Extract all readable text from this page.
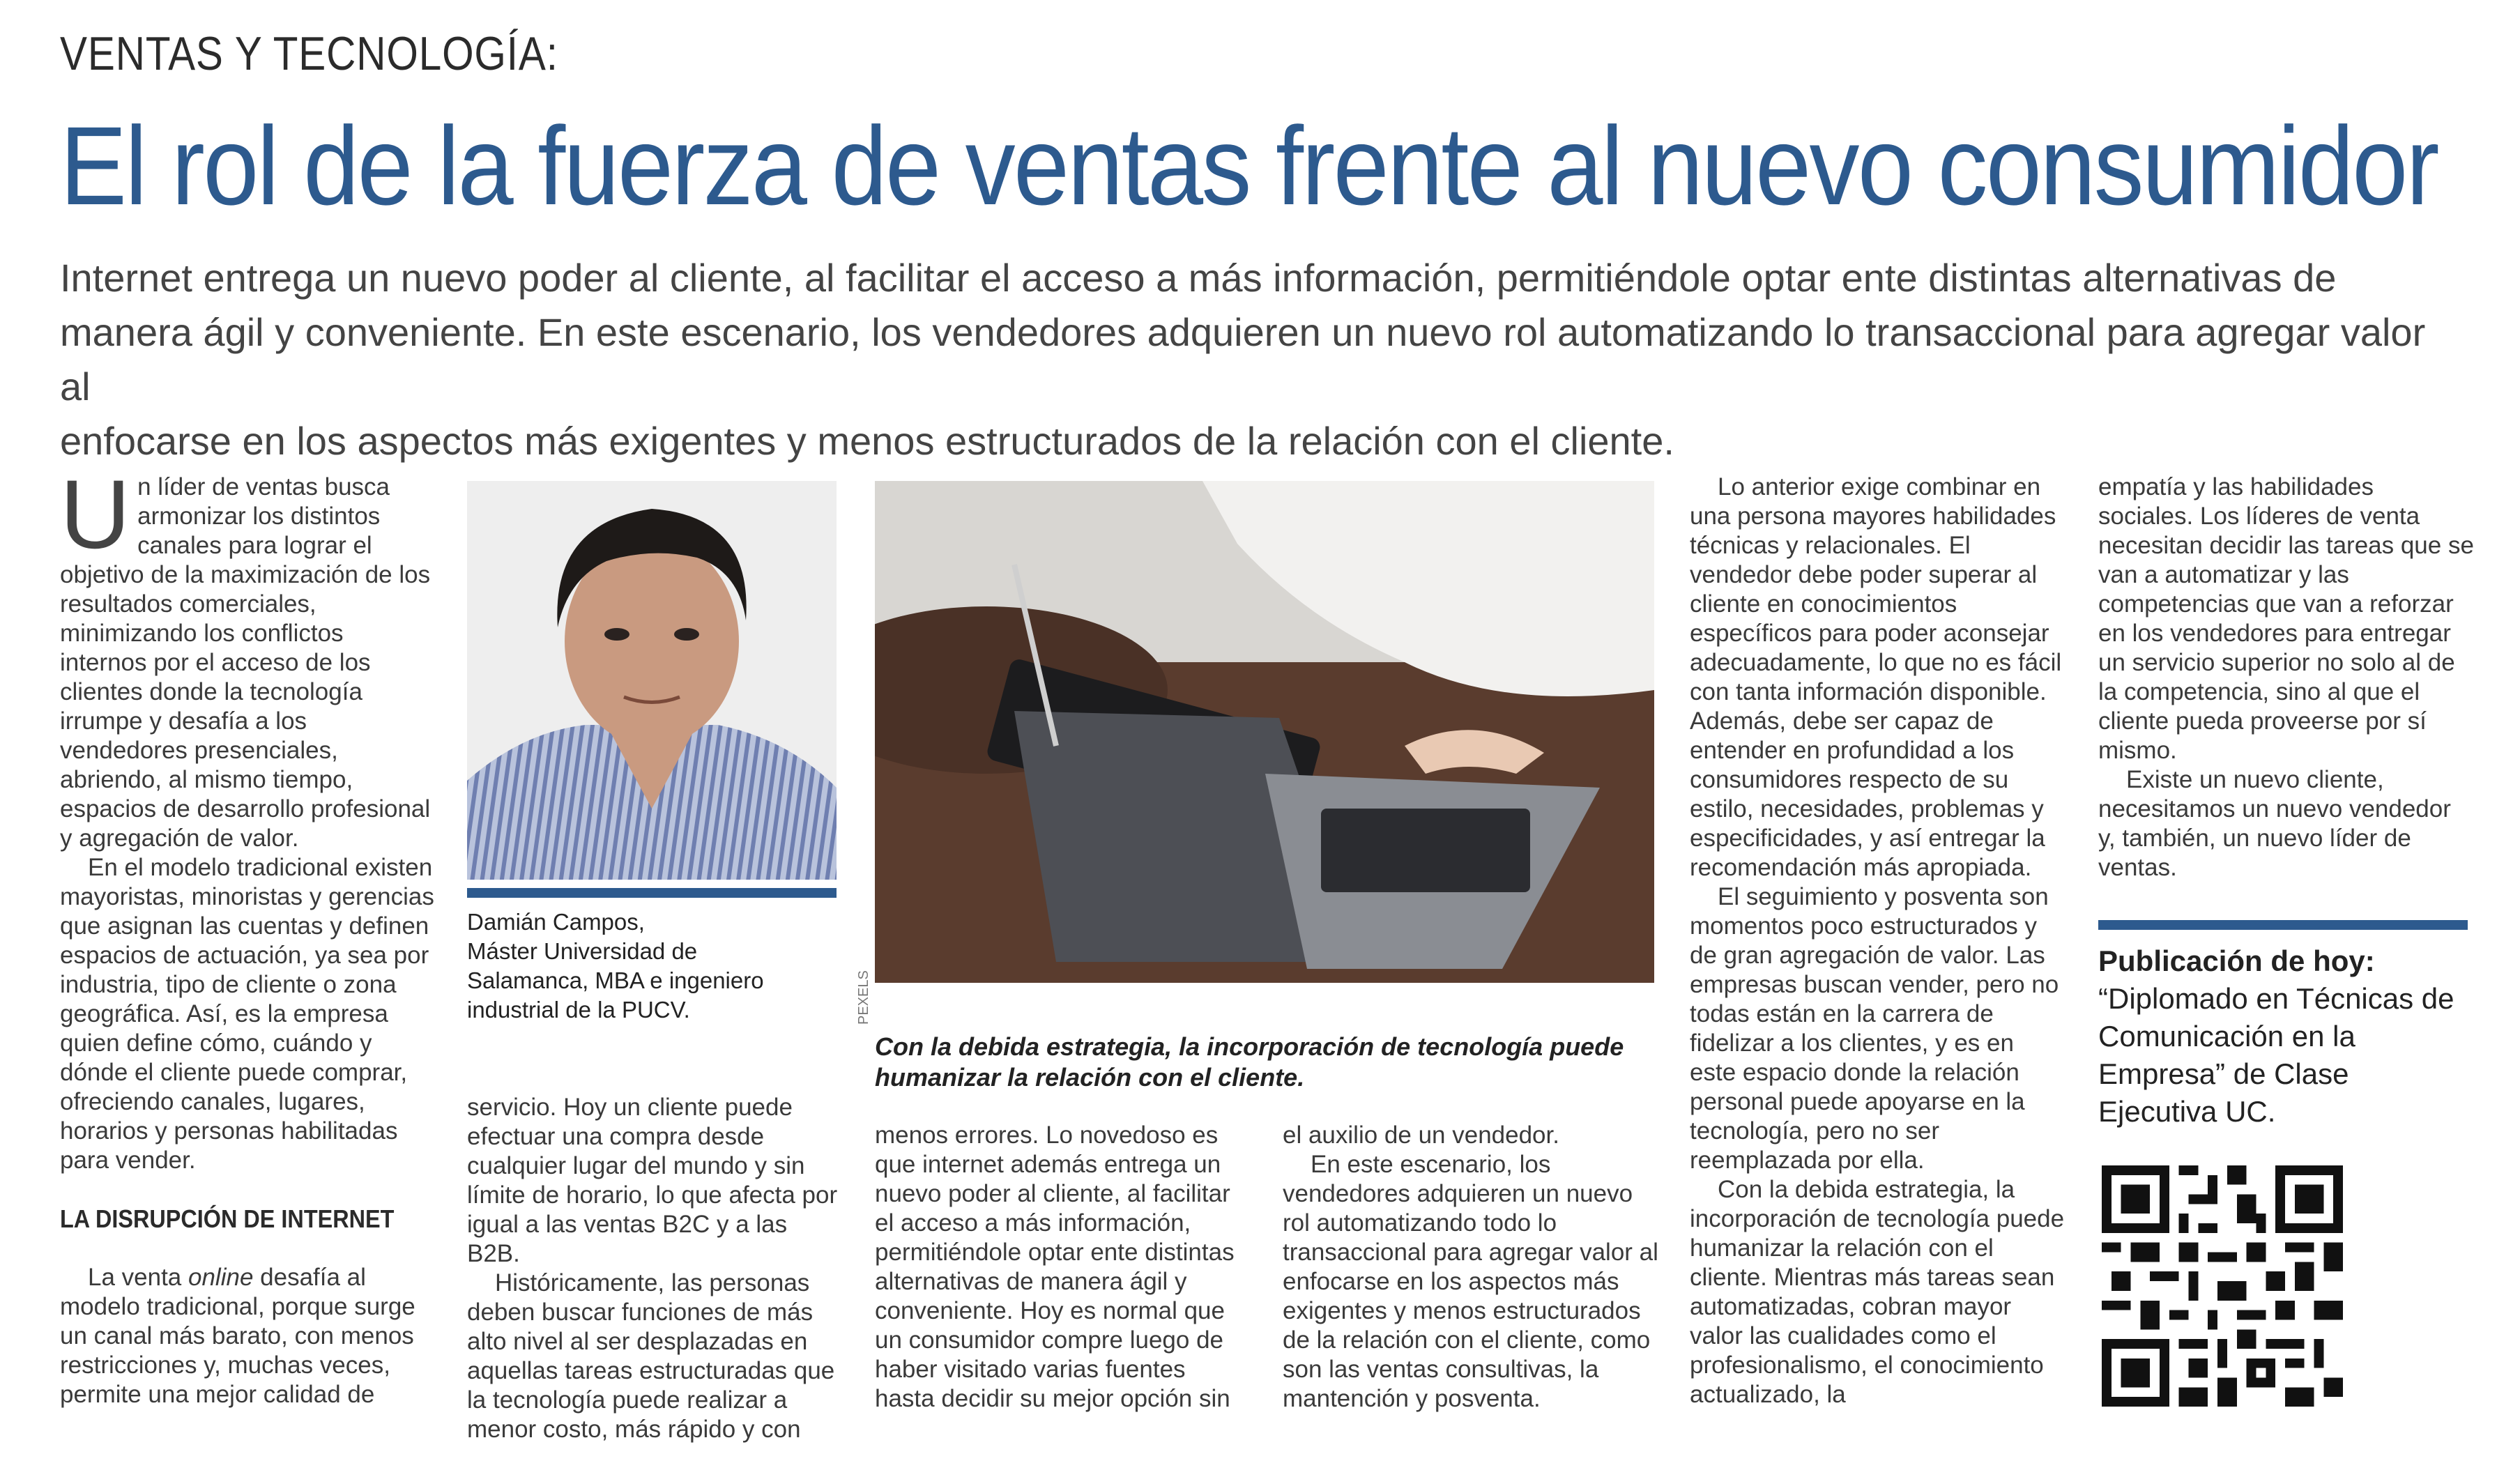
VENTAS Y TECNOLOGÍA:
El rol de la fuerza de ventas frente al nuevo consumidor

Internet entrega un nuevo poder al cliente, al facilitar el acceso a más información, permitiéndole optar ente distintas alternativas de

manera ágil y conveniente. En este escenario, los vendedores adquieren un nuevo rol automatizando lo transaccional para agregar valor al

enfocarse en los aspectos más exigentes y menos estructurados de la relación con el cliente.

Un líder de ventas busca armonizar los distintos canales para lograr el objetivo de la maximización de los resultados comerciales, minimizando los conflictos internos por el acceso de los clientes donde la tecnología irrumpe y desafía a los vendedores presenciales, abriendo, al mismo tiempo, espacios de desarrollo profesional y agregación de valor.

En el modelo tradicional existen mayoristas, minoristas y gerencias que asignan las cuentas y definen espacios de actuación, ya sea por industria, tipo de cliente o zona geográfica. Así, es la empresa quien define cómo, cuándo y dónde el cliente puede comprar, ofreciendo canales, lugares, horarios y personas habilitadas para vender.

LA DISRUPCIÓN DE INTERNET

La venta online desafía al modelo tradicional, porque surge un canal más barato, con menos restricciones y, muchas veces, permite una mejor calidad de

Damián Campos,

Máster Universidad de

Salamanca, MBA e ingeniero

industrial de la PUCV.

servicio. Hoy un cliente puede efectuar una compra desde cualquier lugar del mundo y sin límite de horario, lo que afecta por igual a las ventas B2C y a las B2B.

Históricamente, las personas deben buscar funciones de más alto nivel al ser desplazadas en aquellas tareas estructuradas que la tecnología puede realizar a menor costo, más rápido y con

PEXELS
Con la debida estrategia, la incorporación de tecnología puede humanizar la relación con el cliente.

menos errores. Lo novedoso es que internet además entrega un nuevo poder al cliente, al facilitar el acceso a más información, permitiéndole optar ente distintas alternativas de manera ágil y conveniente. Hoy es normal que un consumidor compre luego de haber visitado varias fuentes hasta decidir su mejor opción sin

el auxilio de un vendedor.

En este escenario, los vendedores adquieren un nuevo rol automatizando todo lo transaccional para agregar valor al enfocarse en los aspectos más exigentes y menos estructurados de la relación con el cliente, como son las ventas consultivas, la mantención y posventa.

Lo anterior exige combinar en una persona mayores habilidades técnicas y relacionales. El vendedor debe poder superar al cliente en conocimientos específicos para poder aconsejar adecuadamente, lo que no es fácil con tanta información disponible. Además, debe ser capaz de entender en profundidad a los consumidores respecto de su estilo, necesidades, problemas y especificidades, y así entregar la recomendación más apropiada.

El seguimiento y posventa son momentos poco estructurados y de gran agregación de valor. Las empresas buscan vender, pero no todas están en la carrera de fidelizar a los clientes, y es en este espacio donde la relación personal puede apoyarse en la tecnología, pero no ser reemplazada por ella.

Con la debida estrategia, la incorporación de tecnología puede humanizar la relación con el cliente. Mientras más tareas sean automatizadas, cobran mayor valor las cualidades como el profesionalismo, el conocimiento actualizado, la

empatía y las habilidades sociales. Los líderes de venta necesitan decidir las tareas que se van a automatizar y las competencias que van a reforzar en los vendedores para entregar un servicio superior no solo al de la competencia, sino al que el cliente pueda proveerse por sí mismo.

Existe un nuevo cliente, necesitamos un nuevo vendedor y, también, un nuevo líder de ventas.

Publicación de hoy:
“Diplomado en Técnicas de Comunicación en la Empresa” de Clase Ejecutiva UC.
